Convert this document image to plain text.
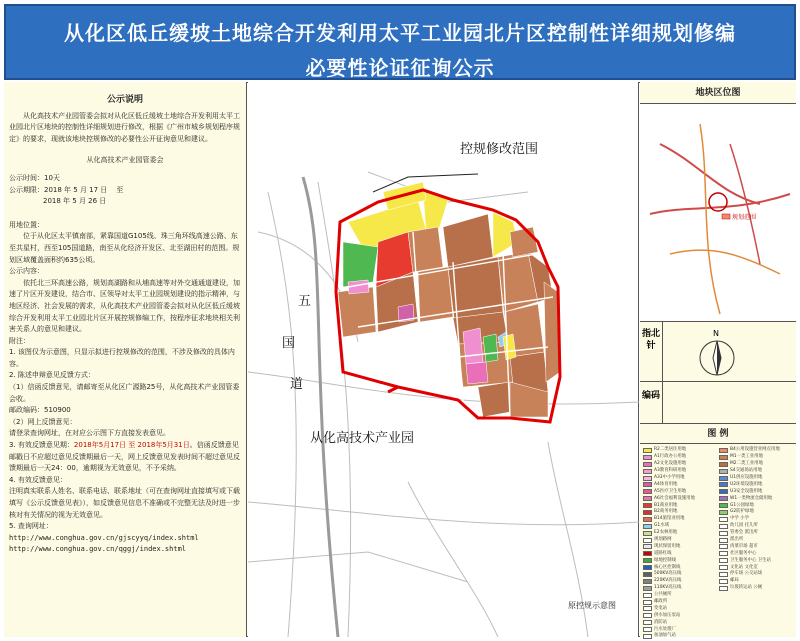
从化区低丘缓坡土地综合开发利用太平工业园北片区控制性详细规划修编
必要性论证征询公示
公示说明
从化高技术产业园管委会拟对从化区低丘缓坡土地综合开发利用太平工业园北片区地块的控制性详细规划进行修改，根据《广州市城乡规划程序规定》的要求，现就该地块控规修改的必要性公开征询意见和建议。
从化高技术产业园管委会
公示时间：10天
公示期限：2018 年 5 月 17 日 至
2018 年 5 月 26 日
用地位置：
位于从化区太平镇南部，紧靠国道G105线、珠三角环线高速公路、东至共星村，西至105国道路，南至从化经济开发区、北至湖田村的范围。规划区域覆盖面积约635公顷。
公示内容：
依托北三环高速公路，规划高湖路和从埔高速等对外交通通道建设，加速了片区开发建设，结合市、区领导对太平工业园规划建设的指示精神，与地区经济、社会发展的需求，从化高技术产业园管委会拟对从化区低丘缓坡综合开发利用太平工业园北片区开展控规修编工作，按程序征求地块相关利害关系人的意见和建议。
附注：
1. 该图仅为示意图，只显示拟进行控规修改的范围，不涉及修改的具体内容。
2. 陈述申辩意见反馈方式：
（1）信函反馈意见，请邮寄至从化区广源路25号，从化高技术产业园管委会收。
邮政编码：510900
（2）网上反馈意见：
请登录查询网址，在对应公示图下方直接发表意见。
3. 有效反馈意见期：2018年5月17日 至 2018年5月31日。信函反馈意见邮戳日不应超过意见反馈期最后一天，网上反馈意见发表时间不超过意见反馈期最后一天24：00，逾期视为无效意见，不予采纳。
4. 有效反馈意见：
注明真实联系人姓名、联系电话、联系地址（可在查询网址直接填写或下载填写《公示反馈意见表》），如反馈意见信息不准确或不完整无法及时进一步核对有关情况的视为无效意见。
5. 查询网址：
http://www.conghua.gov.cn/gjscyyq/index.shtml
http://www.conghua.gov.cn/qggj/index.shtml
控规修改范围
五
国
道
从化高技术产业园
原控规示意图
地块区位图
规划范围
指北针
N
编码
图 例
R2二类居住用地
A1行政办公用地
A2文化设施用地
A3教育科研用地
A33中小学用地
A4体育用地
A5医疗卫生用地
A6社会福利设施用地
B1商业用地
B2商务用地
B14旅馆业用地
G1水域
E2农林用地
规划路网
现状保留用地
道路红线
绿地控制线
核心区控制线
500KV高压线
220KV高压线
110KV高压线
公共厕所
邮政所
变电站
供水加压泵站
消防站
污水处理厂
加油加气站
B4公用设施营业网点用地
M1一类工业用地
M2二类工业用地
S4交通场站用地
U1供应设施用地
U2环境设施用地
U3安全设施用地
W1一类物流仓储用地
G1公园绿地
G2防护绿地
中学 小学
幼儿园 托儿所
管委会 派出所
派出所
肉菜市场 超市
社区服务中心
卫生服务中心 卫生站
文化站 文化室
停车场 公交站场
邮局
垃圾转运站 公厕
